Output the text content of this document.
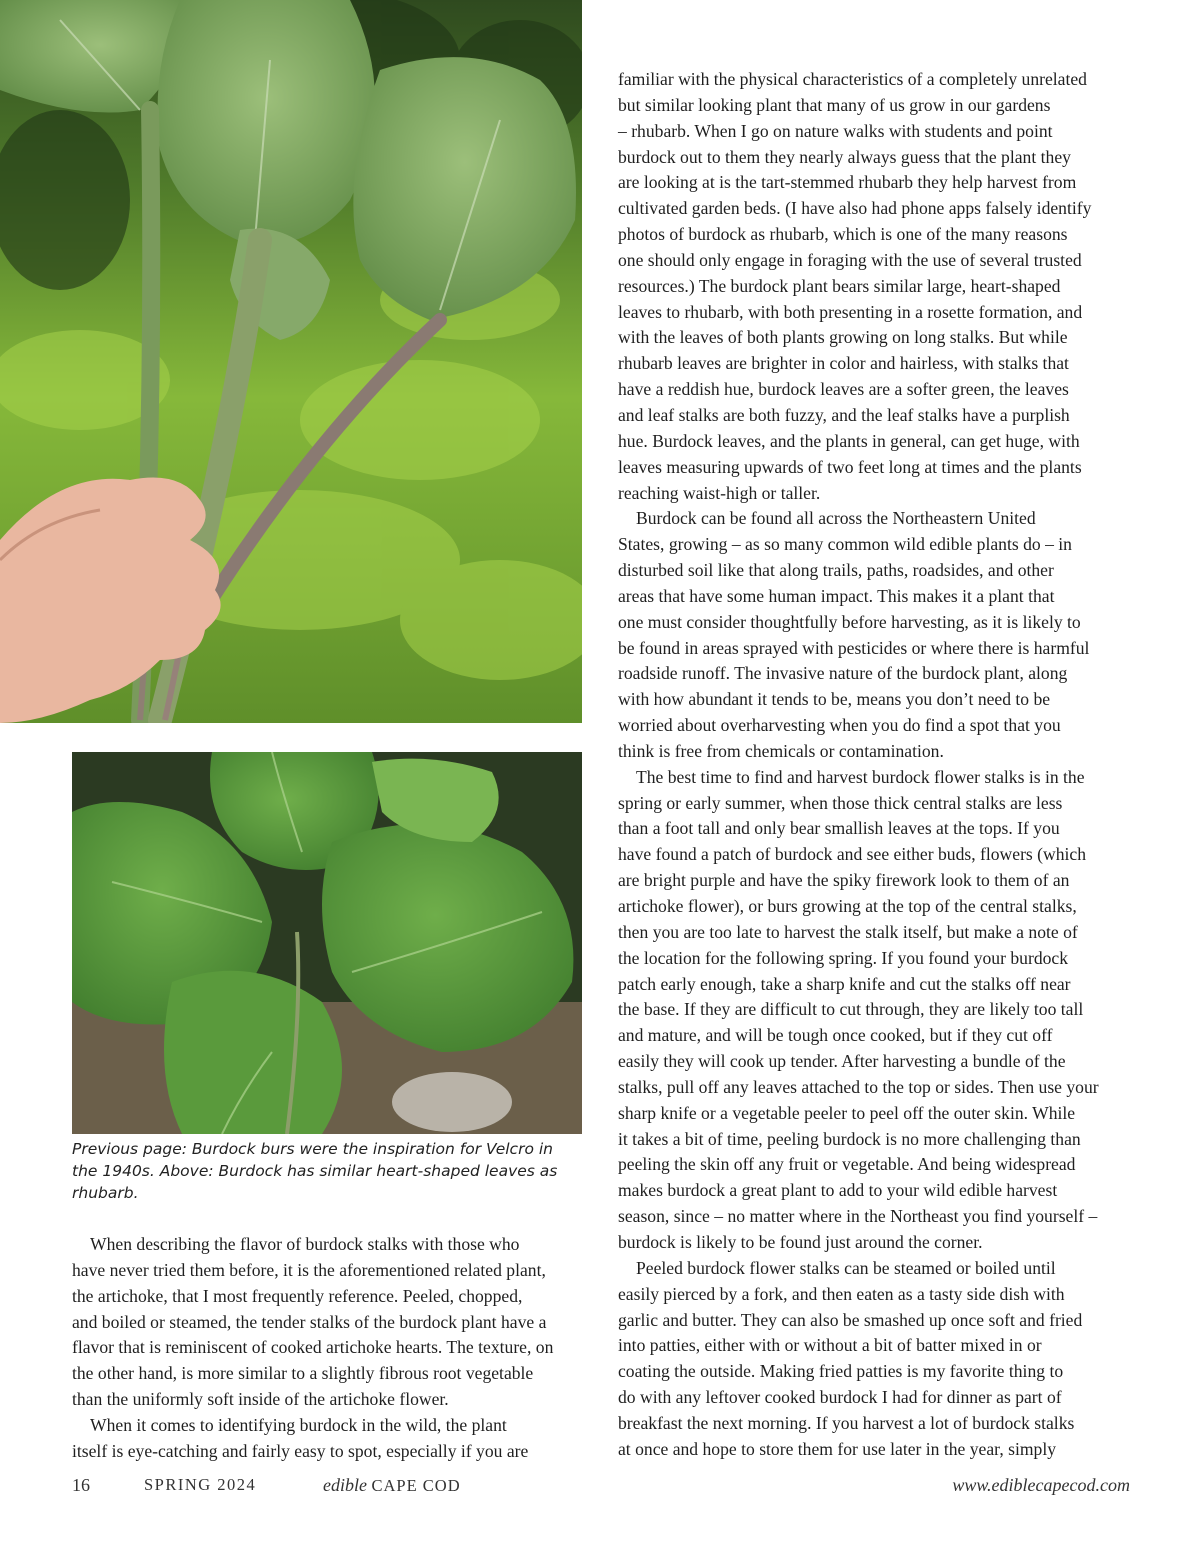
Previous page: Burdock burs were the inspiration for Velcro in the 1940s. Above: Burdock has similar heart-shaped leaves as rhubarb.

When describing the flavor of burdock stalks with those who
have never tried them before, it is the aforementioned related plant,
the artichoke, that I most frequently reference. Peeled, chopped,
and boiled or steamed, the tender stalks of the burdock plant have a
flavor that is reminiscent of cooked artichoke hearts. The texture, on
the other hand, is more similar to a slightly fibrous root vegetable
than the uniformly soft inside of the artichoke flower.

When it comes to identifying burdock in the wild, the plant
itself is eye-catching and fairly easy to spot, especially if you are

familiar with the physical characteristics of a completely unrelated
but similar looking plant that many of us grow in our gardens
– rhubarb. When I go on nature walks with students and point
burdock out to them they nearly always guess that the plant they
are looking at is the tart-stemmed rhubarb they help harvest from
cultivated garden beds. (I have also had phone apps falsely identify
photos of burdock as rhubarb, which is one of the many reasons
one should only engage in foraging with the use of several trusted
resources.) The burdock plant bears similar large, heart-shaped
leaves to rhubarb, with both presenting in a rosette formation, and
with the leaves of both plants growing on long stalks. But while
rhubarb leaves are brighter in color and hairless, with stalks that
have a reddish hue, burdock leaves are a softer green, the leaves
and leaf stalks are both fuzzy, and the leaf stalks have a purplish
hue. Burdock leaves, and the plants in general, can get huge, with
leaves measuring upwards of two feet long at times and the plants
reaching waist-high or taller.

Burdock can be found all across the Northeastern United
States, growing – as so many common wild edible plants do – in
disturbed soil like that along trails, paths, roadsides, and other
areas that have some human impact. This makes it a plant that
one must consider thoughtfully before harvesting, as it is likely to
be found in areas sprayed with pesticides or where there is harmful
roadside runoff. The invasive nature of the burdock plant, along
with how abundant it tends to be, means you don’t need to be
worried about overharvesting when you do find a spot that you
think is free from chemicals or contamination.

The best time to find and harvest burdock flower stalks is in the
spring or early summer, when those thick central stalks are less
than a foot tall and only bear smallish leaves at the tops. If you
have found a patch of burdock and see either buds, flowers (which
are bright purple and have the spiky firework look to them of an
artichoke flower), or burs growing at the top of the central stalks,
then you are too late to harvest the stalk itself, but make a note of
the location for the following spring. If you found your burdock
patch early enough, take a sharp knife and cut the stalks off near
the base. If they are difficult to cut through, they are likely too tall
and mature, and will be tough once cooked, but if they cut off
easily they will cook up tender. After harvesting a bundle of the
stalks, pull off any leaves attached to the top or sides. Then use your
sharp knife or a vegetable peeler to peel off the outer skin. While
it takes a bit of time, peeling burdock is no more challenging than
peeling the skin off any fruit or vegetable. And being widespread
makes burdock a great plant to add to your wild edible harvest
season, since – no matter where in the Northeast you find yourself –
burdock is likely to be found just around the corner.

Peeled burdock flower stalks can be steamed or boiled until
easily pierced by a fork, and then eaten as a tasty side dish with
garlic and butter. They can also be smashed up once soft and fried
into patties, either with or without a bit of batter mixed in or
coating the outside. Making fried patties is my favorite thing to
do with any leftover cooked burdock I had for dinner as part of
breakfast the next morning. If you harvest a lot of burdock stalks
at once and hope to store them for use later in the year, simply

16	SPRING 2024	edible CAPE COD	www.ediblecapecod.com
